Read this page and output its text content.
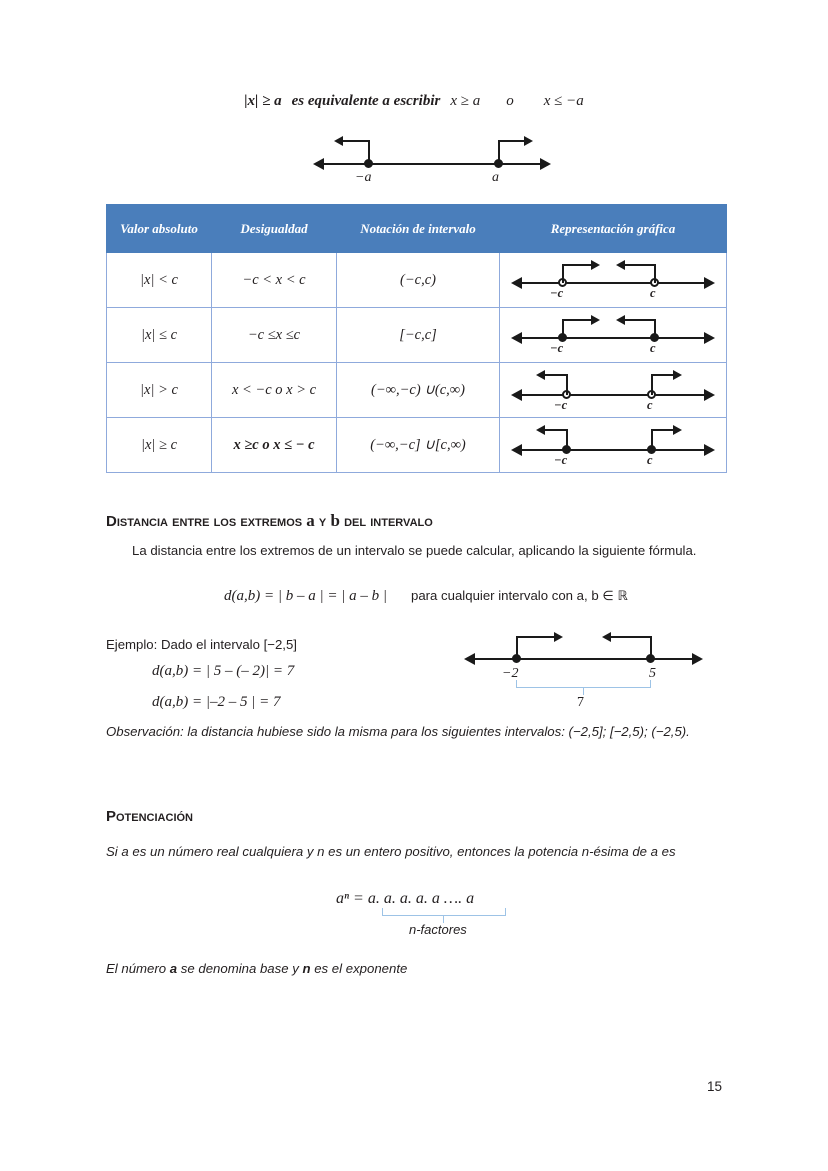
|x| ≥ a es equivalente a escribir x ≥ a o x ≤ −a
−a	a
Valor absoluto	Desigualdad	Notación de intervalo	Representación gráfica
|x| < c	−c < x < c	(−c,c)	−c c

|x| ≤ c	−c ≤x ≤c	[−c,c]	−c c

|x| > c	x < −c o x > c	(−∞,−c) ∪(c,∞)	−c c

|x| ≥ c	x ≥c o x ≤ − c	(−∞,−c] ∪[c,∞)	−c c
Distancia entre los extremos a y b del intervalo
La distancia entre los extremos de un intervalo se puede calcular, aplicando la siguiente fórmula.
d(a,b) = | b – a | = | a – b | para cualquier intervalo con a, b ∈ ℝ
Ejemplo: Dado el intervalo [−2,5]
d(a,b) = | 5 – (– 2)| = 7
d(a,b) = |–2 – 5 | = 7
−2	5
7
Observación: la distancia hubiese sido la misma para los siguientes intervalos: (−2,5]; [−2,5); (−2,5).
Potenciación
Si a es un número real cualquiera y n es un entero positivo, entonces la potencia n-ésima de a es
aⁿ = a. a. a. a. a …. a
n-factores
El número a se denomina base y n es el exponente
15
